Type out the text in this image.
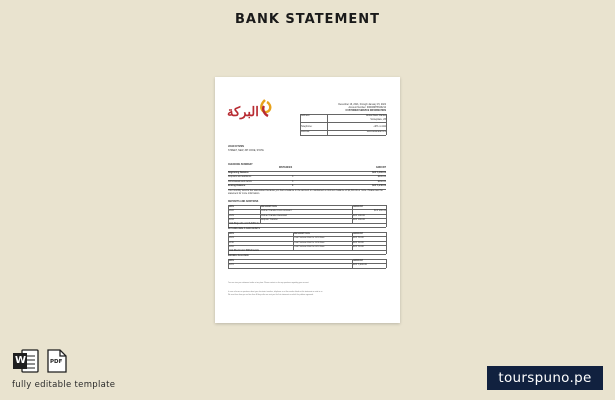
BANK STATEMENT
البركة	December 16, 2021, through January 15, 2022
Account Number: 000009876543212
CUSTOMER SERVICE INFORMATION
Address:	Global Bank Market
Someplace, ZZ
Telephone:	+971-1-1111
Website:	www.albaraka.com
JOHN CITIZEN
STREET, NEW, ZIP CODE, STATE
CHECKING SUMMARY
INSTANCES	AMOUNT
Beginning Balance	$XP 5,000.00
Deposits and additions	3	$400.00
Withdrawals and debits	3	$160.00
Ending Balance	6	$XP 5,240.00
Your monthly service fee was waived because you had a balance in the account or maintained a minimum balance of $1,500.00 or more. Please see the statement for more information.
DEPOSITS AND ADDITIONS
DATE	DESCRIPTION	AMOUNT
12/22	Online Transfer From Account	$XP 200.00
12/29	Online Transfer Received	$XP 100.00
01/03	Deposit Transfer	$XP 100.00
Total Deposits and Additions
WITHDRAWALS AND DEBITS
DATE	DESCRIPTION	AMOUNT
12/24	Card Purchase With Pin 12/24 Store	$XP 50.00
12/30	Card Purchase With Pin 12/30 Store	$XP 60.00
01/10	Card Purchase With Pin 01/10 Store	$XP 50.00
Total Electronic Withdrawals
ENDING BALANCE
DATE	AMOUNT
01/15	$XP 5,240.00
You can view your statement online at any time. Please contact us for any questions regarding your account.
In case of errors or questions about your electronic transfers, telephone us at the number listed on this statement or write to us.
We must hear from you no later than 60 days after we sent you the first statement on which the problem appeared.
W	PDF
fully editable template	tourspuno.pe
